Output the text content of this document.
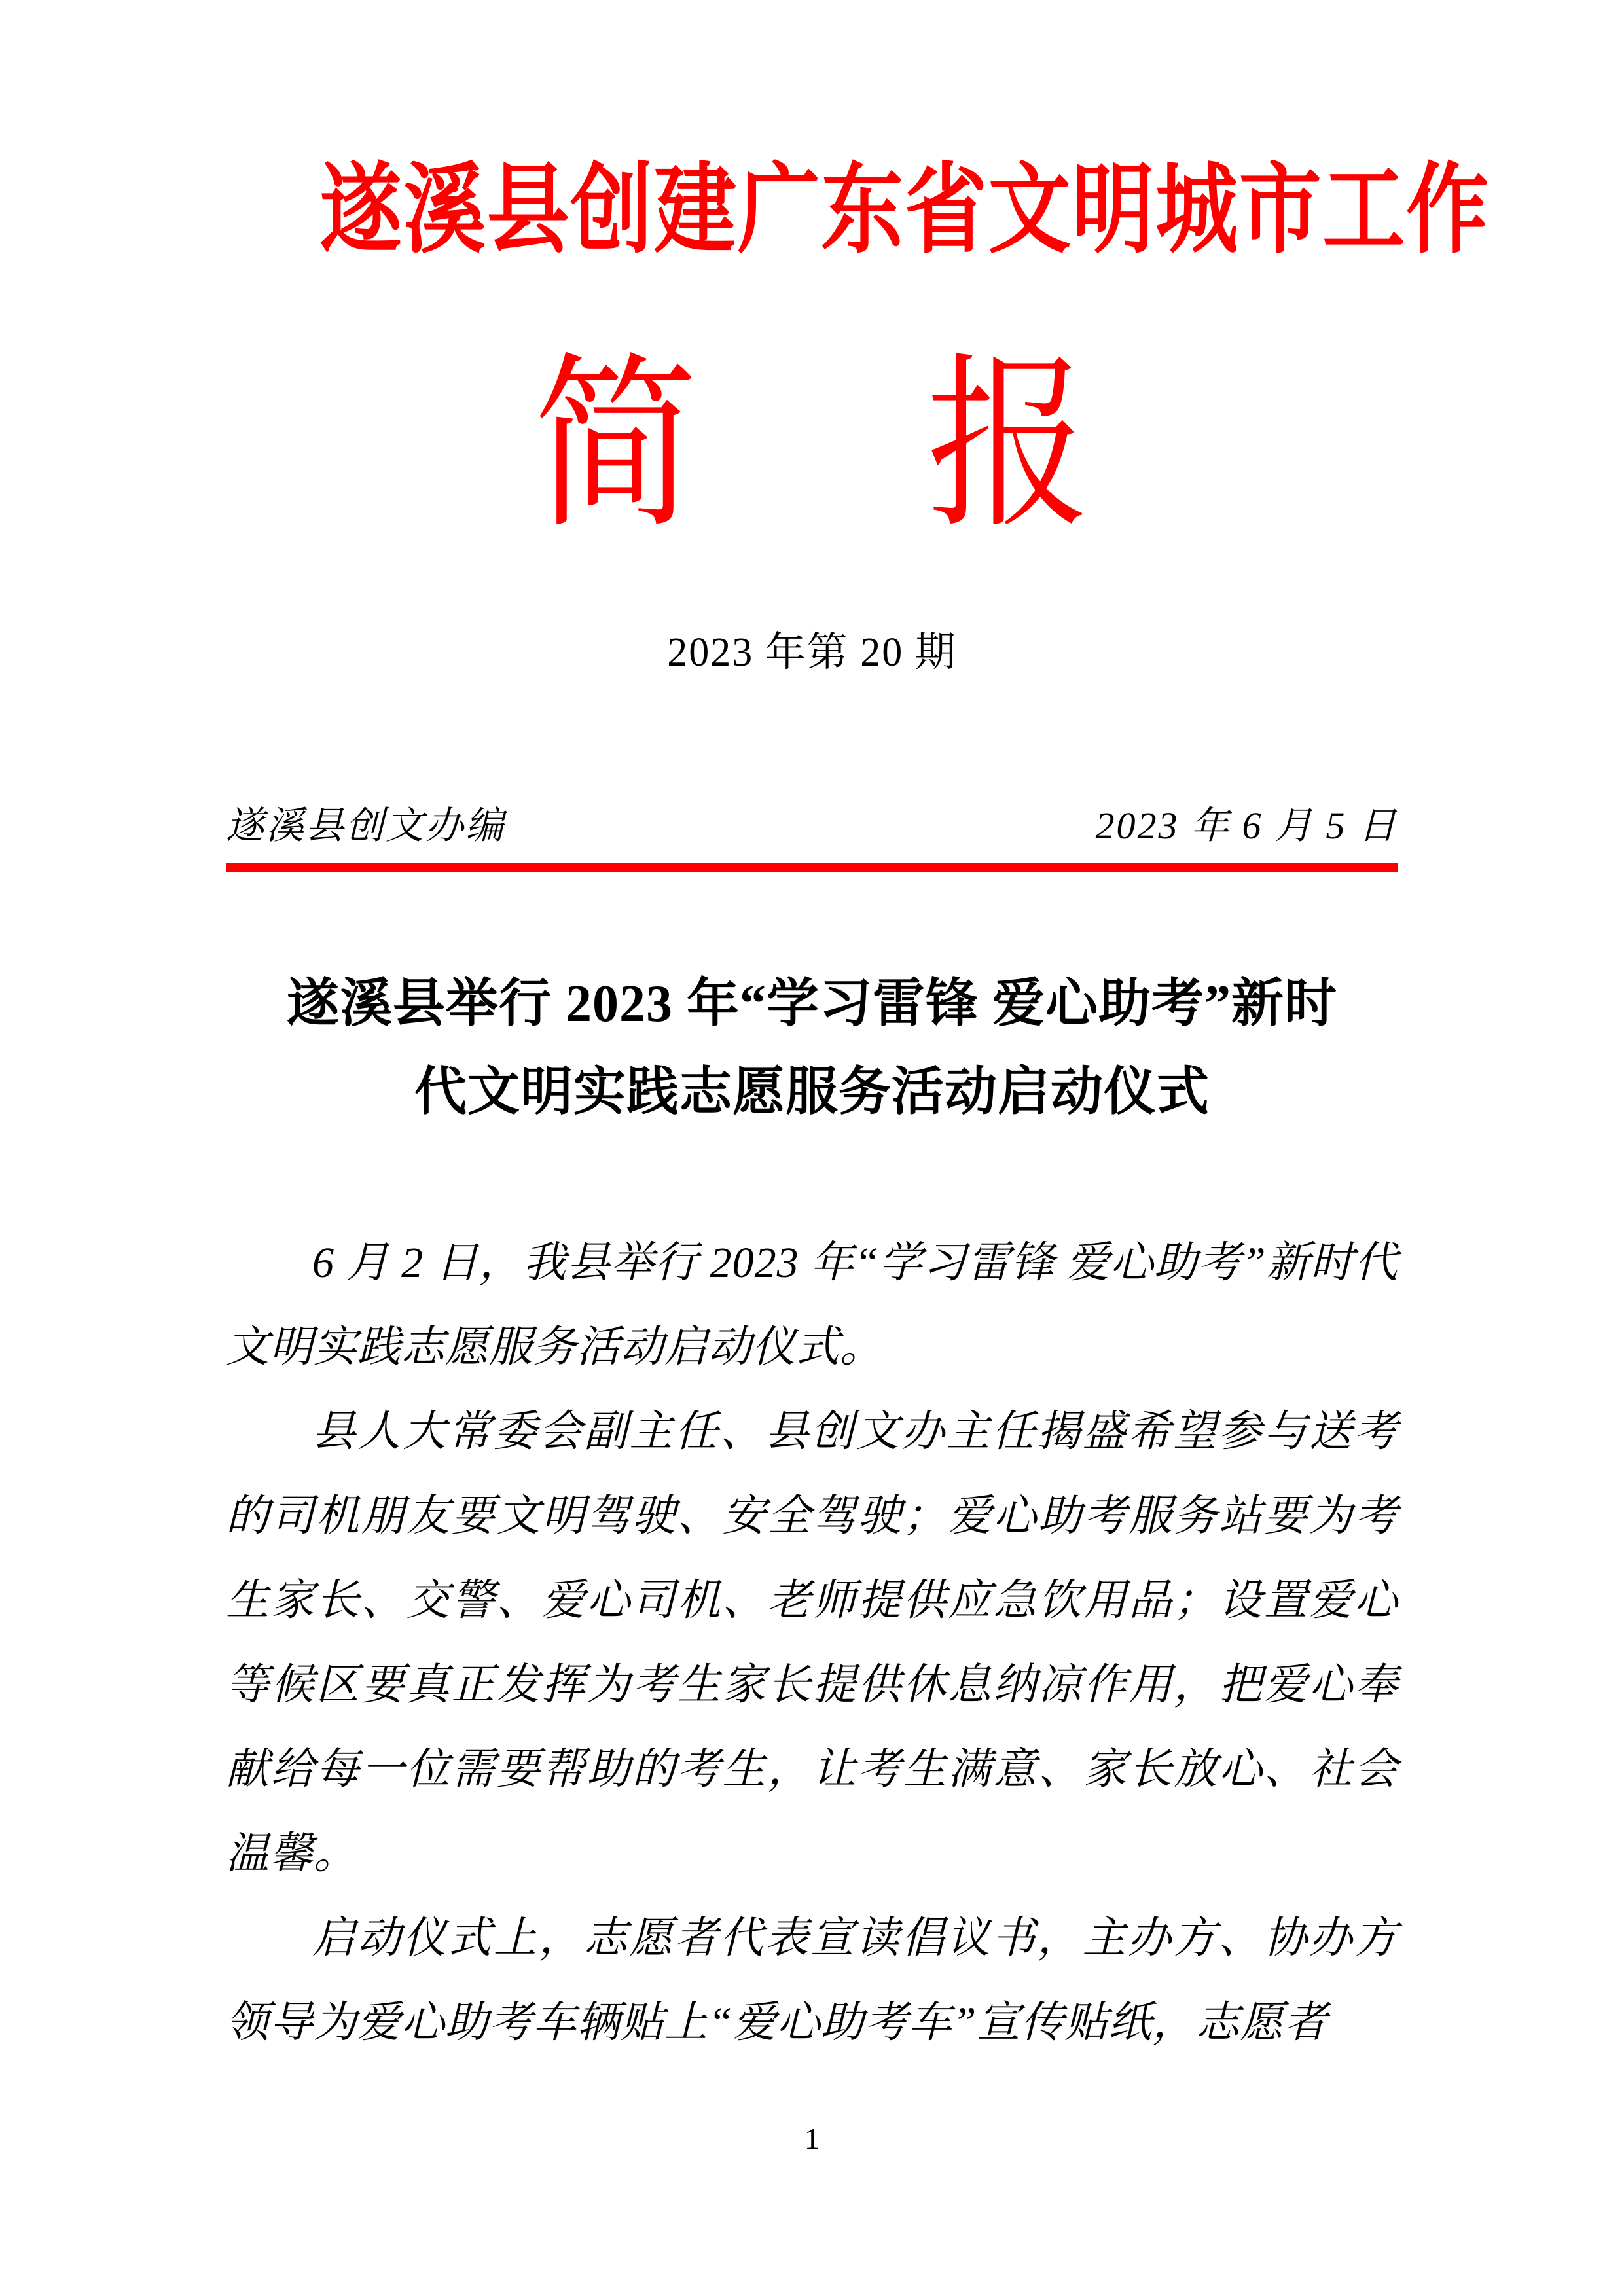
遂溪县创建广东省文明城市工作
简 报
2023 年第 20 期
遂溪县创文办编	2023 年 6 月 5 日
遂溪县举行 2023 年“学习雷锋 爱心助考”新时
代文明实践志愿服务活动启动仪式

6 月 2 日，我县举行 2023 年“学习雷锋 爱心助考”新时代文明实践志愿服务活动启动仪式。

县人大常委会副主任、县创文办主任揭盛希望参与送考的司机朋友要文明驾驶、安全驾驶；爱心助考服务站要为考生家长、交警、爱心司机、老师提供应急饮用品；设置爱心等候区要真正发挥为考生家长提供休息纳凉作用，把爱心奉献给每一位需要帮助的考生，让考生满意、家长放心、社会温馨。

启动仪式上，志愿者代表宣读倡议书，主办方、协办方领导为爱心助考车辆贴上“爱心助考车”宣传贴纸，志愿者

1
